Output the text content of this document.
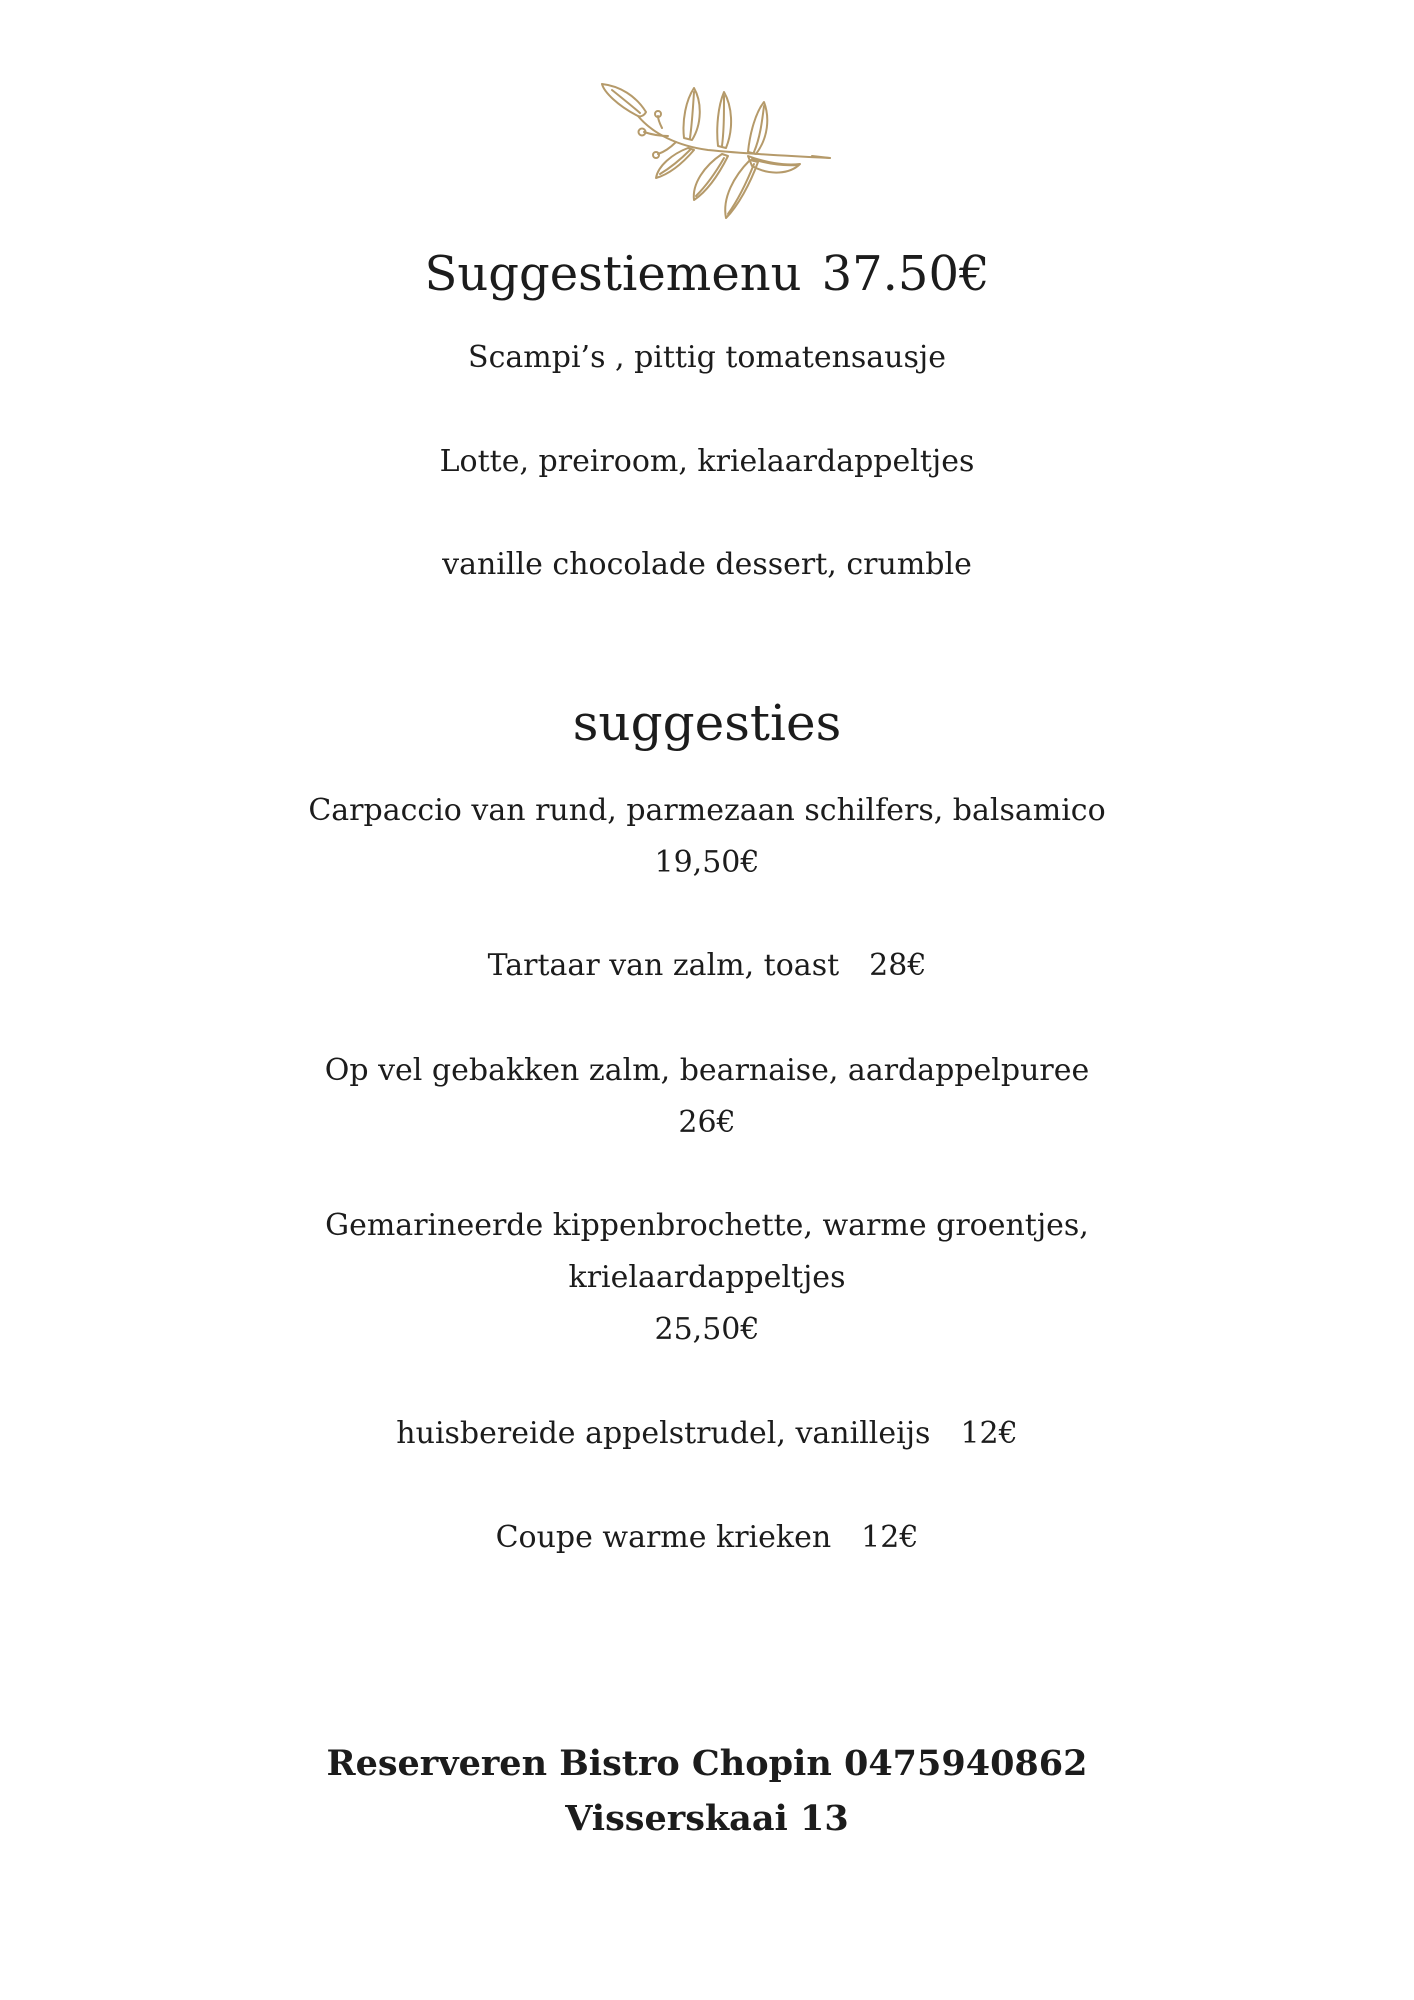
Suggestiemenu 37.50€
Scampi’s , pittig tomatensausje
Lotte, preiroom, krielaardappeltjes
vanille chocolade dessert, crumble
suggesties
Carpaccio van rund, parmezaan schilfers, balsamico
19,50€
Tartaar van zalm, toast 28€
Op vel gebakken zalm, bearnaise, aardappelpuree
26€
Gemarineerde kippenbrochette, warme groentjes,
krielaardappeltjes
25,50€
huisbereide appelstrudel, vanilleijs 12€
Coupe warme krieken 12€
Reserveren Bistro Chopin 0475940862
Visserskaai 13
